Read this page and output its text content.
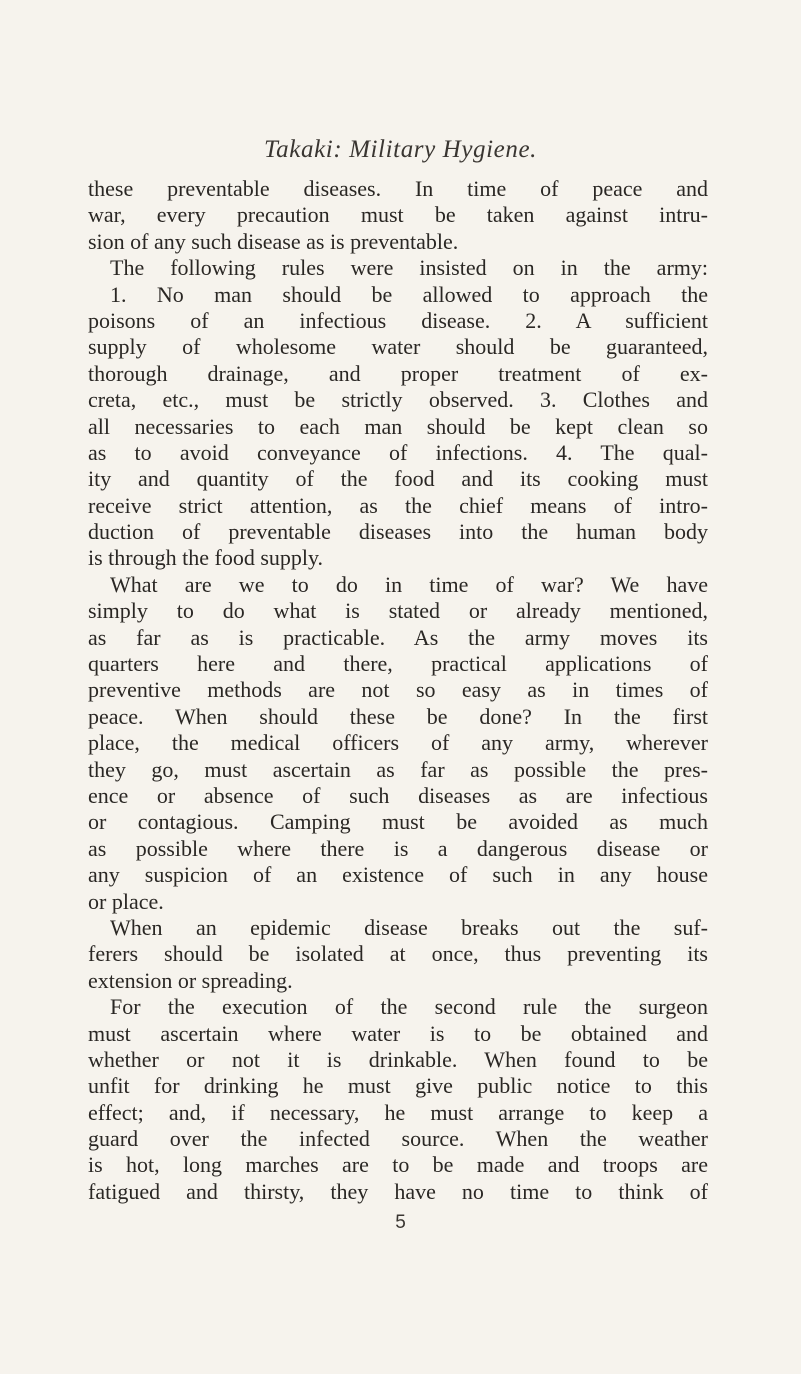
Takaki: Military Hygiene.
these preventable diseases. In time of peace and
war, every precaution must be taken against intru-
sion of any such disease as is preventable.
The following rules were insisted on in the army:
1. No man should be allowed to approach the
poisons of an infectious disease. 2. A sufficient
supply of wholesome water should be guaranteed,
thorough drainage, and proper treatment of ex-
creta, etc., must be strictly observed. 3. Clothes and
all necessaries to each man should be kept clean so
as to avoid conveyance of infections. 4. The qual-
ity and quantity of the food and its cooking must
receive strict attention, as the chief means of intro-
duction of preventable diseases into the human body
is through the food supply.
What are we to do in time of war? We have
simply to do what is stated or already mentioned,
as far as is practicable. As the army moves its
quarters here and there, practical applications of
preventive methods are not so easy as in times of
peace. When should these be done? In the first
place, the medical officers of any army, wherever
they go, must ascertain as far as possible the pres-
ence or absence of such diseases as are infectious
or contagious. Camping must be avoided as much
as possible where there is a dangerous disease or
any suspicion of an existence of such in any house
or place.
When an epidemic disease breaks out the suf-
ferers should be isolated at once, thus preventing its
extension or spreading.
For the execution of the second rule the surgeon
must ascertain where water is to be obtained and
whether or not it is drinkable. When found to be
unfit for drinking he must give public notice to this
effect; and, if necessary, he must arrange to keep a
guard over the infected source. When the weather
is hot, long marches are to be made and troops are
fatigued and thirsty, they have no time to think of
5
